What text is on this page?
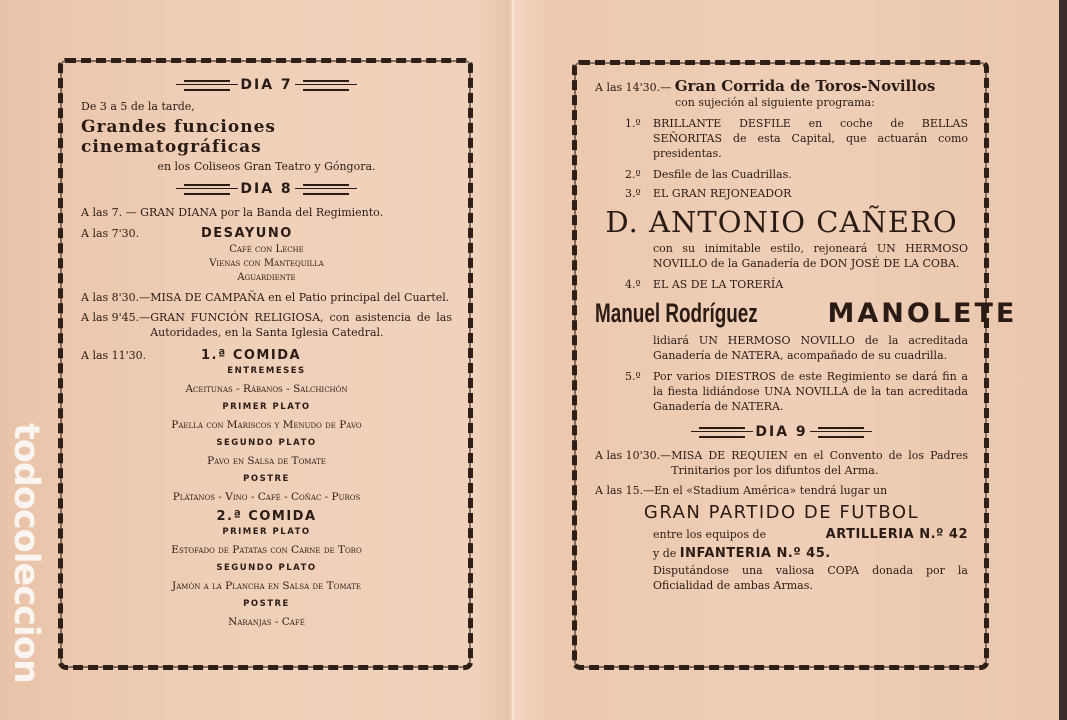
DIA 7
De 3 a 5 de la tarde,
Grandes funciones cinematográficas
en los Coliseos Gran Teatro y Góngora.
DIA 8
A las 7. —
GRAN DIANA por la Banda del Regimiento.
A las 7'30.	DESAYUNO
Café con Leche
Vienas con Mantequilla
Aguardiente
A las 8'30.— MISA DE CAMPAÑA en el Patio principal del Cuartel.
A las 9'45.— GRAN FUNCIÓN RELIGIOSA, con asistencia de las Autoridades, en la Santa Iglesia Catedral.
A las 11'30.	1.ª COMIDA
ENTREMESES
Aceitunas - Rábanos - Salchichón
PRIMER PLATO
Paella con Mariscos y Menudo de Pavo
SEGUNDO PLATO
Pavo en Salsa de Tomate
POSTRE
Plátanos - Vino - Café - Coñac - Puros
2.ª COMIDA
PRIMER PLATO
Estofado de Patatas con Carne de Toro
SEGUNDO PLATO
Jamón a la Plancha en Salsa de Tomate
POSTRE
Naranjas - Café
A las 14'30.—
Gran Corrida de Toros-Novillos
con sujeción al siguiente programa:
1.º	BRILLANTE DESFILE en coche de BELLAS SEÑORITAS de esta Capital, que actuarán como presidentas.
2.º	Desfile de las Cuadrillas.
3.º	EL GRAN REJONEADOR
D. ANTONIO CAÑERO
con su inimitable estilo, rejoneará UN HERMOSO NOVILLO de la Ganadería de DON JOSÉ DE LA COBA.
4.º	EL AS DE LA TORERÍA
Manuel Rodríguez	MANOLETE
lidiará UN HERMOSO NOVILLO de la acreditada Ganadería de NATERA, acompañado de su cuadrilla.
5.º	Por varios DIESTROS de este Regimiento se dará fin a la fiesta lidiándose UNA NOVILLA de la tan acreditada Ganadería de NATERA.
DIA 9
A las 10'30.— MISA DE REQUIEN en el Convento de los Padres Trinitarios por los difuntos del Arma.
A las 15.— En el «Stadium América» tendrá lugar un
GRAN PARTIDO DE FUTBOL
entre los equipos de	ARTILLERIA N.º 42
y de INFANTERIA N.º 45.
Disputándose una valiosa COPA donada por la Oficialidad de ambas Armas.
todocoleccion
